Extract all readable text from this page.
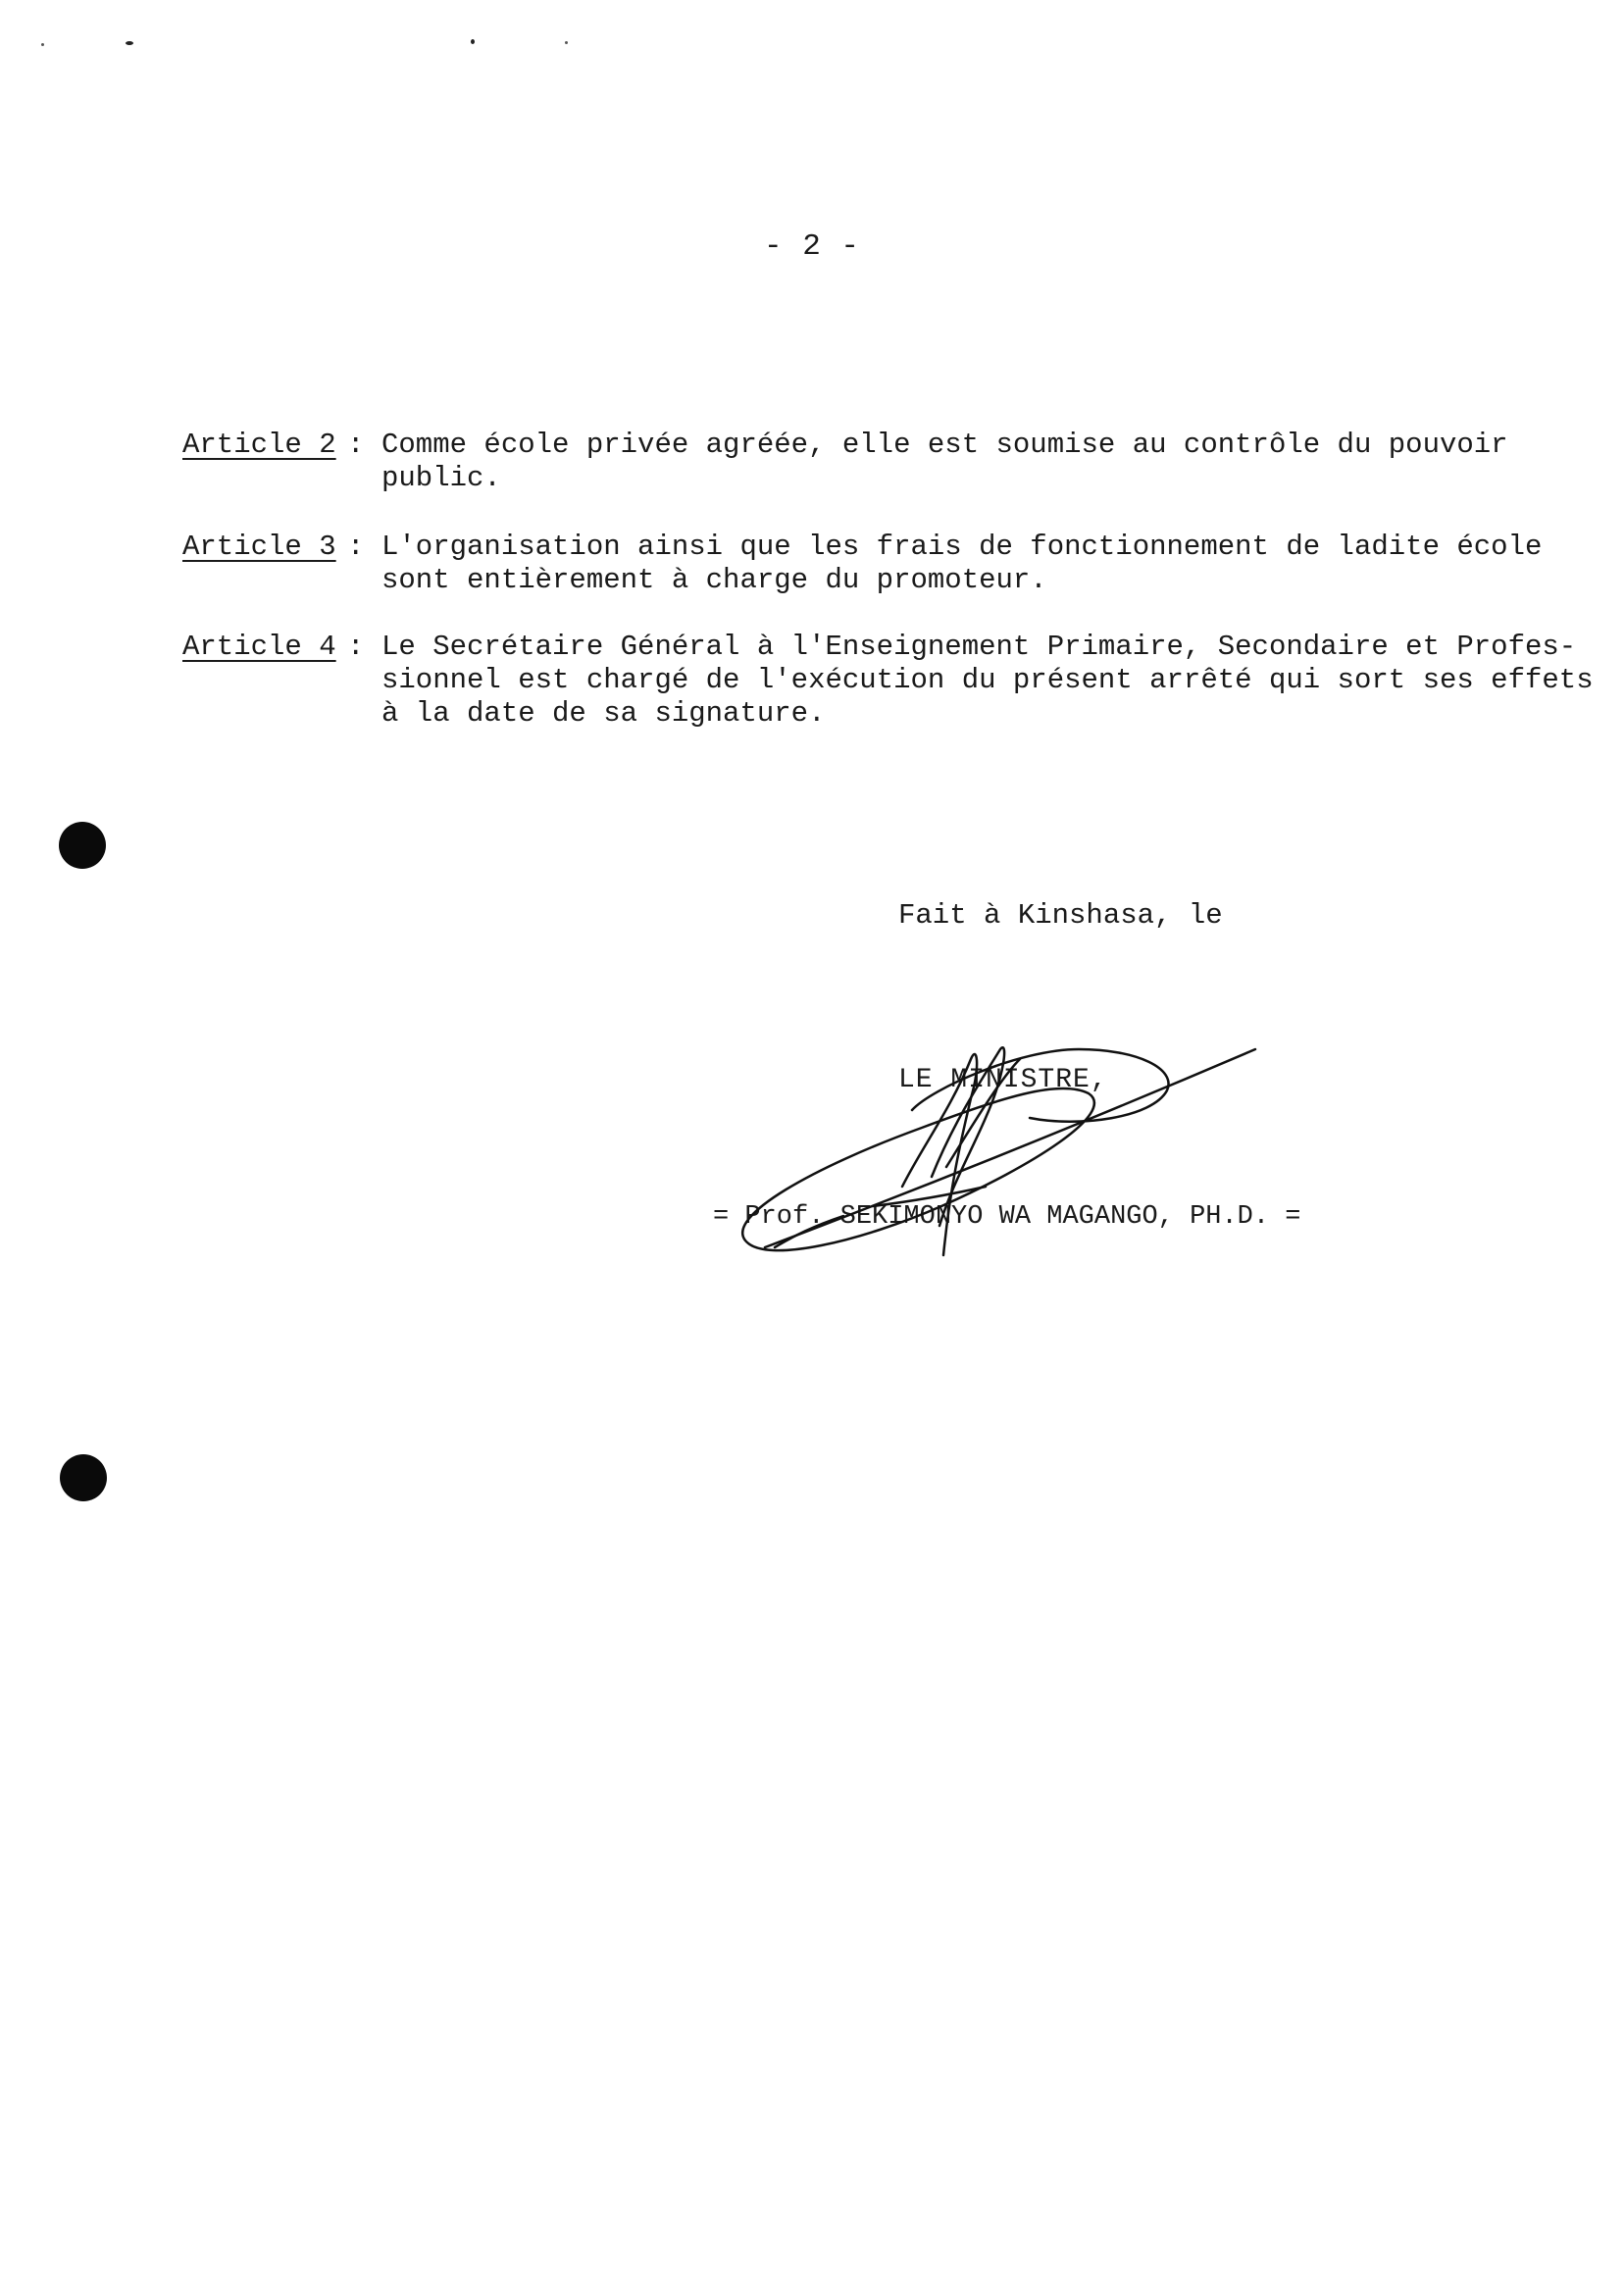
- 2 -
Article 2 : Comme école privée agréée, elle est soumise au contrôle du pouvoir
public.
Article 3 : L'organisation ainsi que les frais de fonctionnement de ladite école
sont entièrement à charge du promoteur.
Article 4 : Le Secrétaire Général à l'Enseignement Primaire, Secondaire et Profes-
sionnel est chargé de l'exécution du présent arrêté qui sort ses effets
à la date de sa signature.
Fait à Kinshasa, le
LE MINISTRE,
= Prof. SEKIMONYO WA MAGANGO, PH.D. =
